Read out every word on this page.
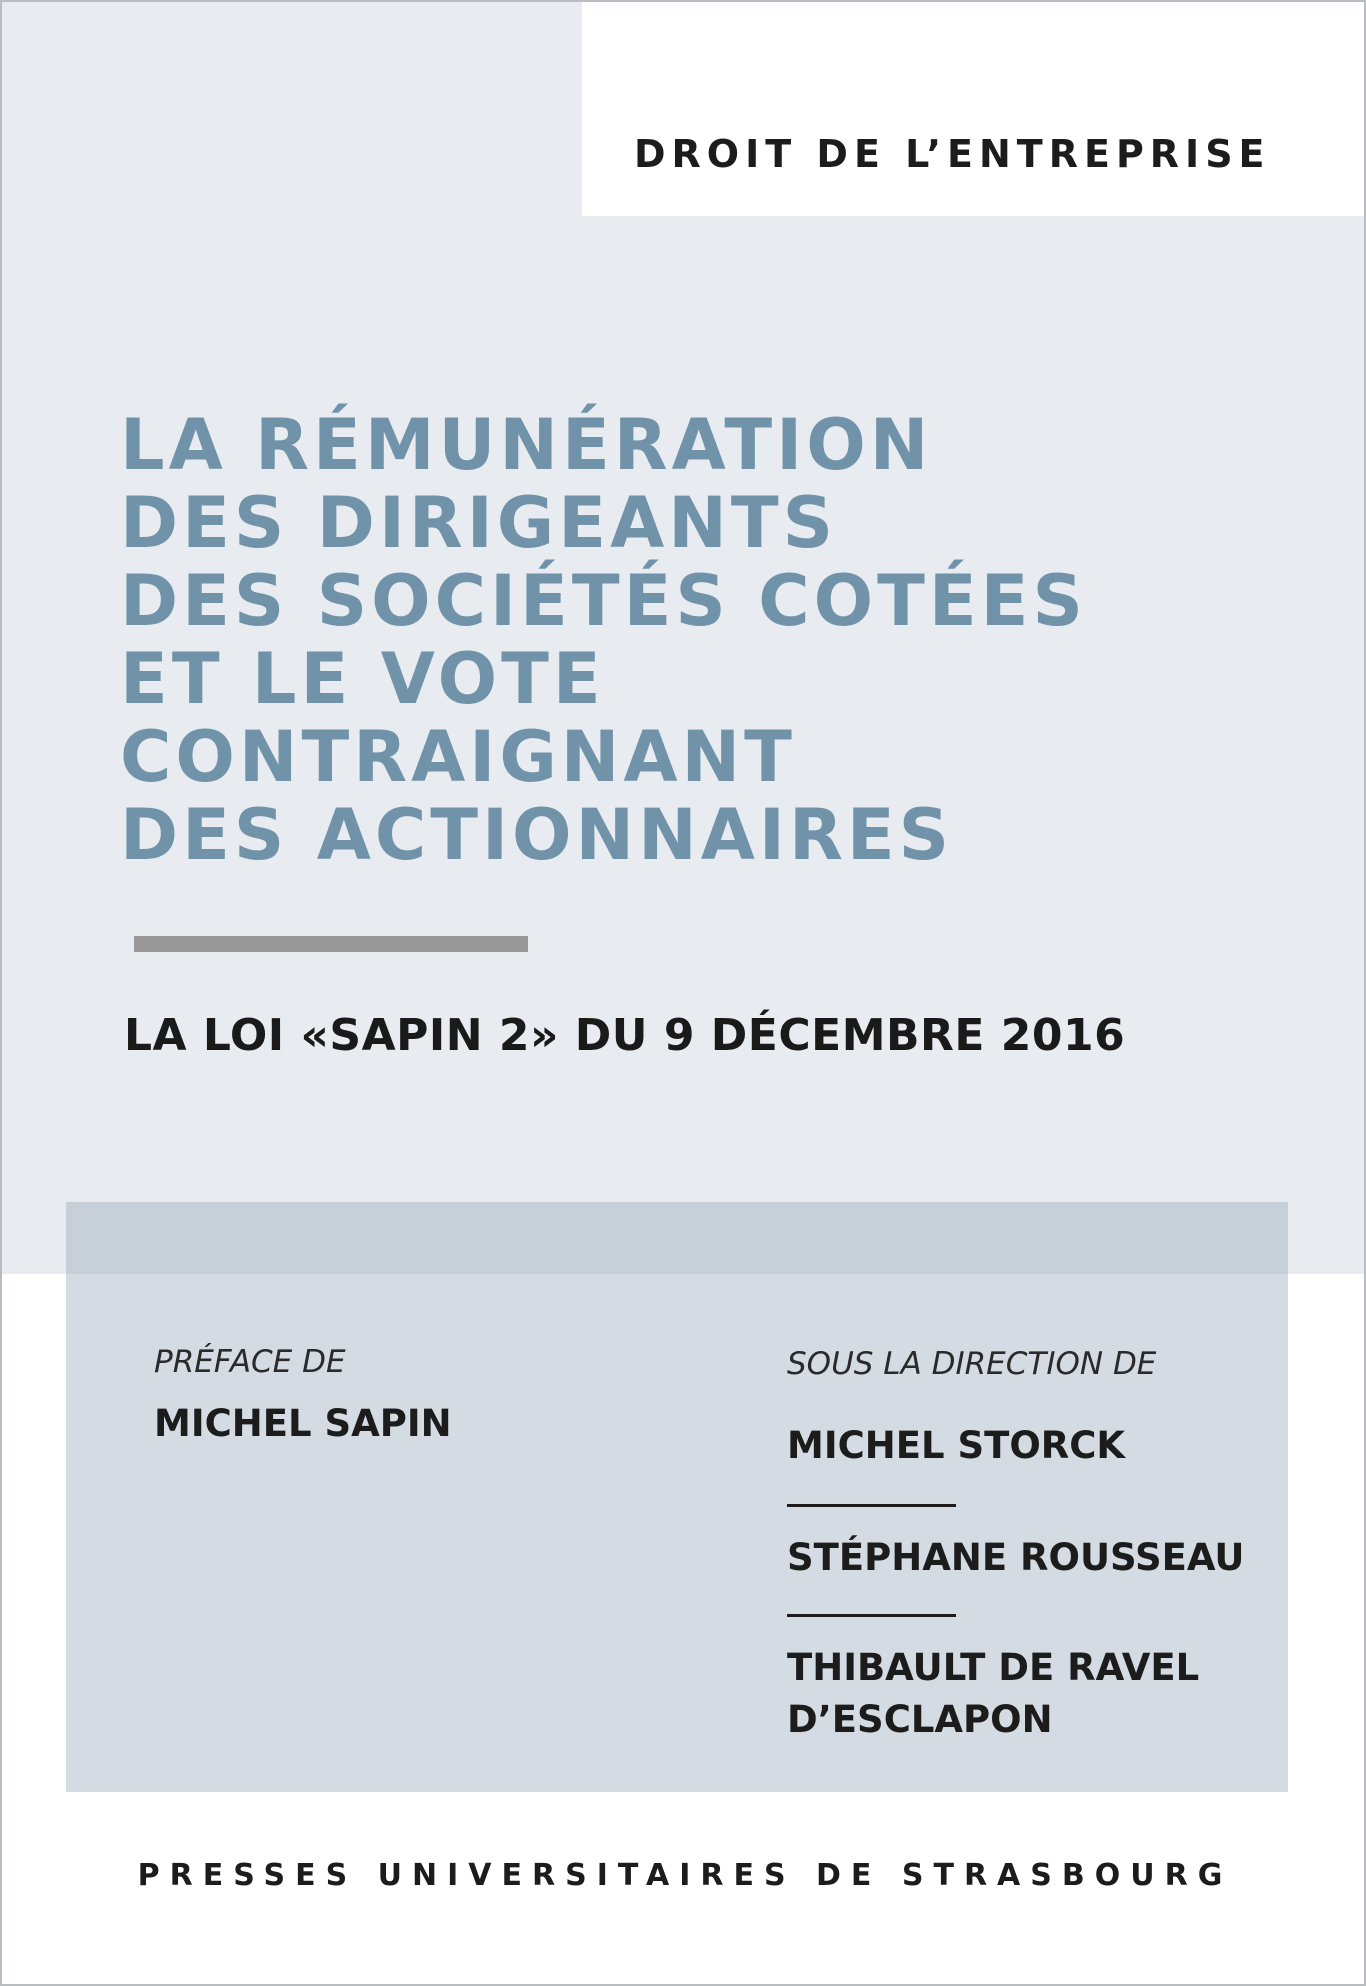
DROIT DE L’ENTREPRISE

LA RÉMUNÉRATION
DES DIRIGEANTS
DES SOCIÉTÉS COTÉES
ET LE VOTE
CONTRAIGNANT
DES ACTIONNAIRES

LA LOI «SAPIN 2» DU 9 DÉCEMBRE 2016

PRÉFACE DE

MICHEL SAPIN

SOUS LA DIRECTION DE

MICHEL STORCK

STÉPHANE ROUSSEAU

THIBAULT DE RAVEL

D’ESCLAPON

PRESSES UNIVERSITAIRES DE STRASBOURG
